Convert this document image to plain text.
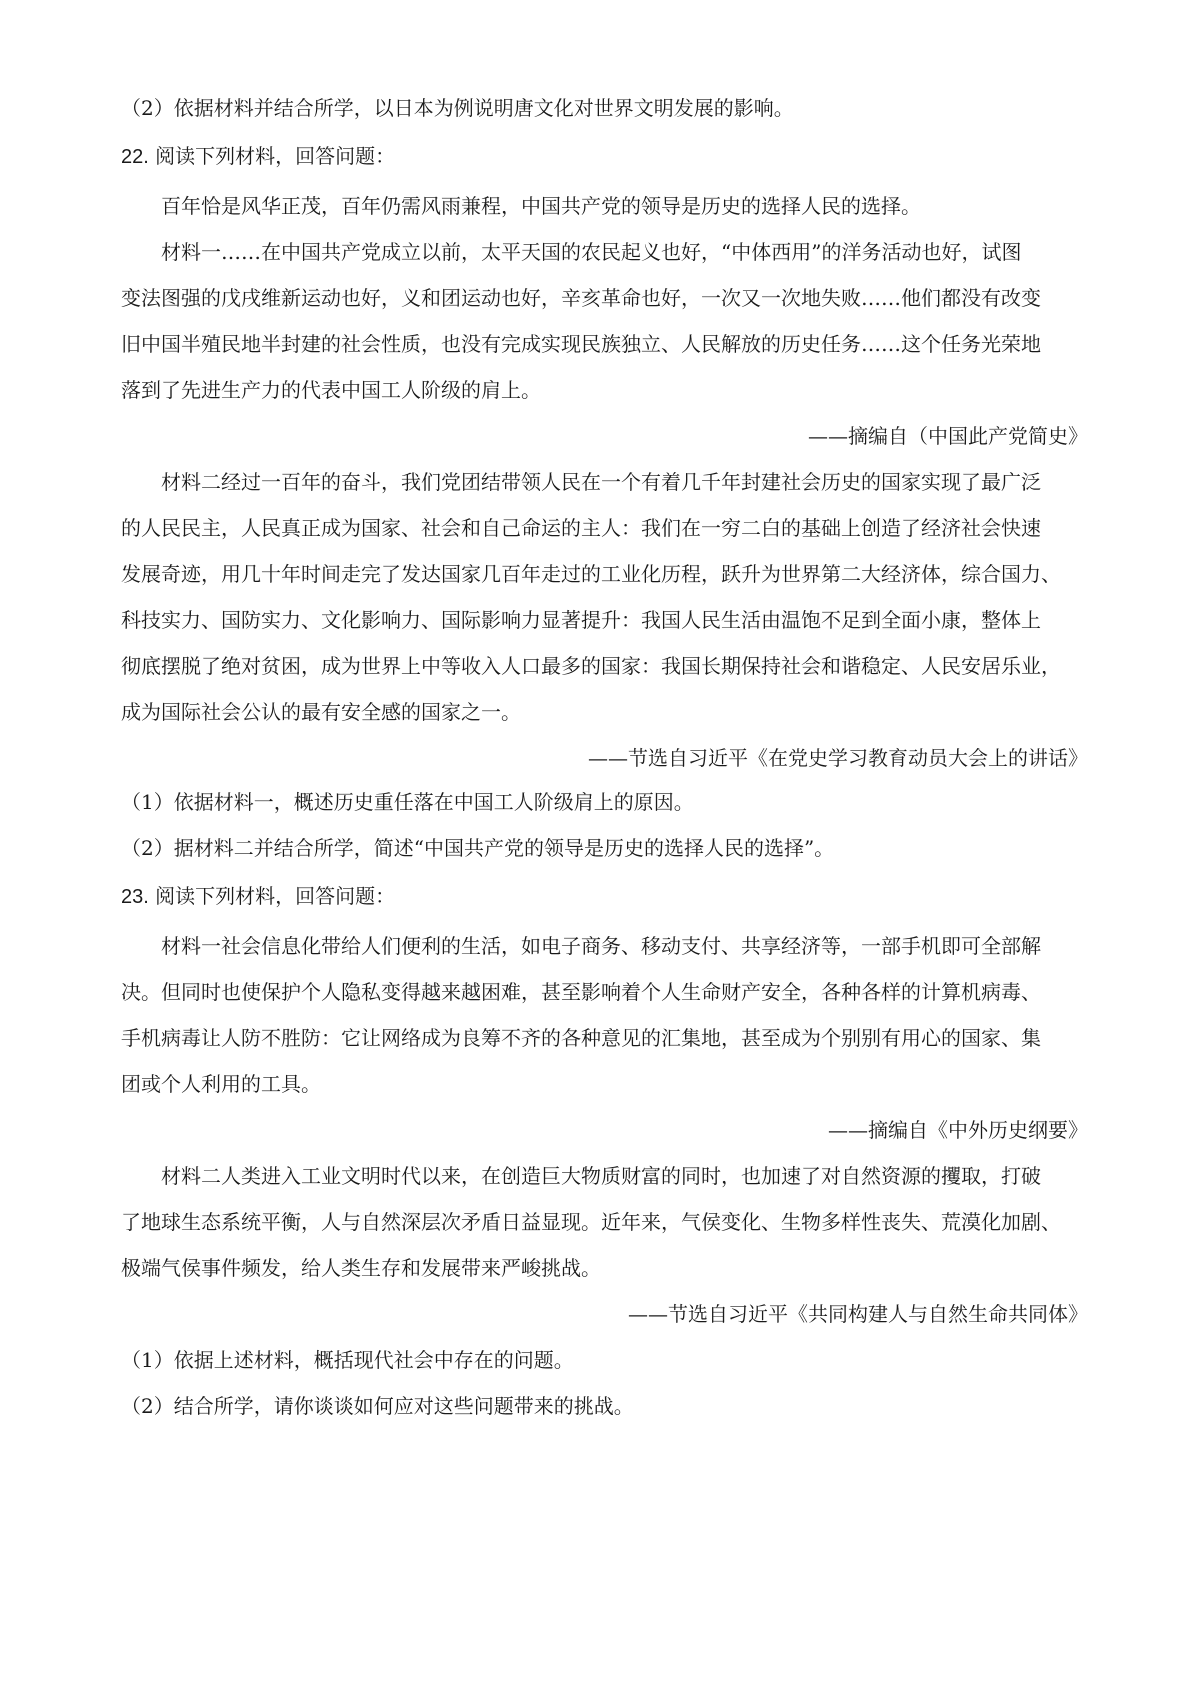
（2）依据材料并结合所学，以日本为例说明唐文化对世界文明发展的影响。
22. 阅读下列材料，回答问题：
百年恰是风华正茂，百年仍需风雨兼程，中国共产党的领导是历史的选择人民的选择。
材料一……在中国共产党成立以前，太平天国的农民起义也好，“中体西用”的洋务活动也好，试图
变法图强的戊戌维新运动也好，义和团运动也好，辛亥革命也好，一次又一次地失败……他们都没有改变
旧中国半殖民地半封建的社会性质，也没有完成实现民族独立、人民解放的历史任务……这个任务光荣地
落到了先进生产力的代表中国工人阶级的肩上。
——摘编自（中国此产党简史》
材料二经过一百年的奋斗，我们党团结带领人民在一个有着几千年封建社会历史的国家实现了最广泛
的人民民主，人民真正成为国家、社会和自己命运的主人：我们在一穷二白的基础上创造了经济社会快速
发展奇迹，用几十年时间走完了发达国家几百年走过的工业化历程，跃升为世界第二大经济体，综合国力、
科技实力、国防实力、文化影响力、国际影响力显著提升：我国人民生活由温饱不足到全面小康，整体上
彻底摆脱了绝对贫困，成为世界上中等收入人口最多的国家：我国长期保持社会和谐稳定、人民安居乐业，
成为国际社会公认的最有安全感的国家之一。
——节选自习近平《在党史学习教育动员大会上的讲话》
（1）依据材料一，概述历史重任落在中国工人阶级肩上的原因。
（2）据材料二并结合所学，简述“中国共产党的领导是历史的选择人民的选择”。
23. 阅读下列材料，回答问题：
材料一社会信息化带给人们便利的生活，如电子商务、移动支付、共享经济等，一部手机即可全部解
决。但同时也使保护个人隐私变得越来越困难，甚至影响着个人生命财产安全，各种各样的计算机病毒、
手机病毒让人防不胜防：它让网络成为良筹不齐的各种意见的汇集地，甚至成为个别别有用心的国家、集
团或个人利用的工具。
——摘编自《中外历史纲要》
材料二人类进入工业文明时代以来，在创造巨大物质财富的同时，也加速了对自然资源的攫取，打破
了地球生态系统平衡，人与自然深层次矛盾日益显现。近年来，气侯变化、生物多样性丧失、荒漠化加剧、
极端气侯事件频发，给人类生存和发展带来严峻挑战。
——节选自习近平《共同构建人与自然生命共同体》
（1）依据上述材料，概括现代社会中存在的问题。
（2）结合所学，请你谈谈如何应对这些问题带来的挑战。
